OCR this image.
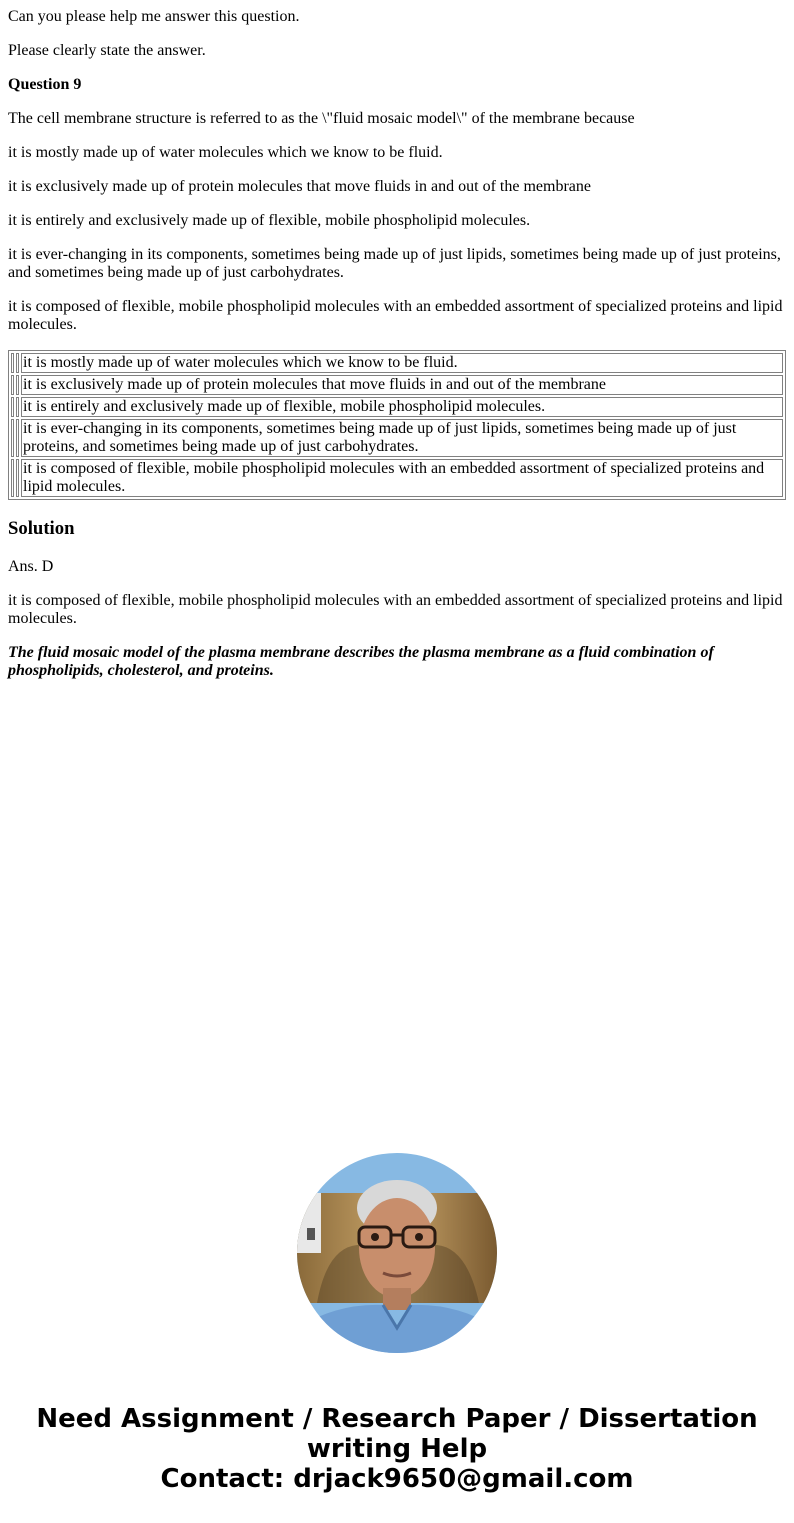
Can you please help me answer this question.

Please clearly state the answer.

Question 9

The cell membrane structure is referred to as the \"fluid mosaic model\" of the membrane because

it is mostly made up of water molecules which we know to be fluid.

it is exclusively made up of protein molecules that move fluids in and out of the membrane

it is entirely and exclusively made up of flexible, mobile phospholipid molecules.

it is ever-changing in its components, sometimes being made up of just lipids, sometimes being made up of just proteins, and sometimes being made up of just carbohydrates.

it is composed of flexible, mobile phospholipid molecules with an embedded assortment of specialized proteins and lipid molecules.

		it is mostly made up of water molecules which we know to be fluid.
		it is exclusively made up of protein molecules that move fluids in and out of the membrane
		it is entirely and exclusively made up of flexible, mobile phospholipid molecules.
		it is ever-changing in its components, sometimes being made up of just lipids, sometimes being made up of just proteins, and sometimes being made up of just carbohydrates.
		it is composed of flexible, mobile phospholipid molecules with an embedded assortment of specialized proteins and lipid molecules.
Solution

Ans. D

it is composed of flexible, mobile phospholipid molecules with an embedded assortment of specialized proteins and lipid molecules.

The fluid mosaic model of the plasma membrane describes the plasma membrane as a fluid combination of phospholipids, cholesterol, and proteins.

Need Assignment / Research Paper / Dissertation
writing Help
Contact: drjack9650@gmail.com
